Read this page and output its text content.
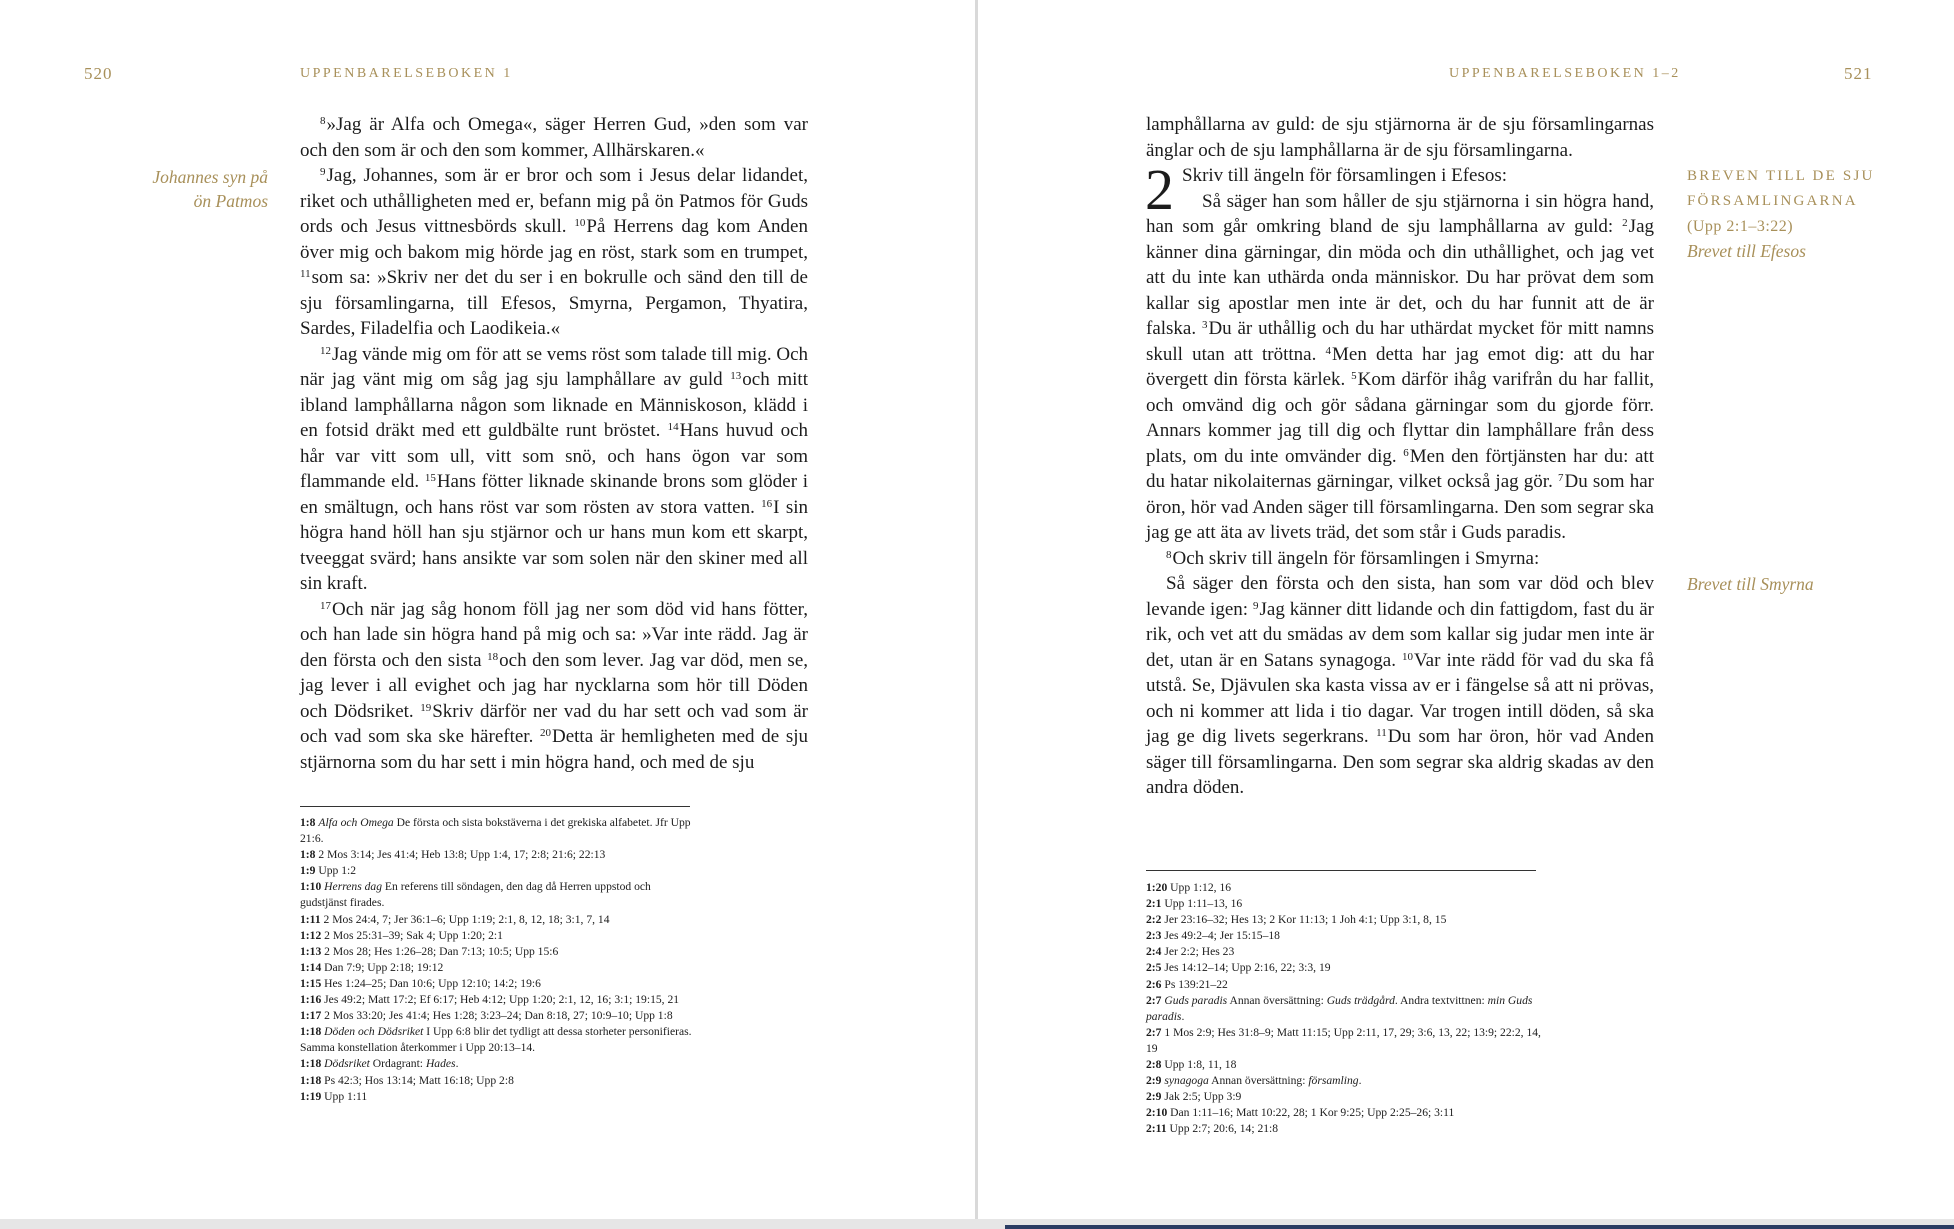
520	UPPENBARELSEBOKEN 1
Johannes syn på ön Patmos

$^8$»Jag är Alfa och Omega«, säger Herren Gud, »den som var och den som är och den som kommer, Allhärskaren.«

$^9$Jag, Johannes, som är er bror och som i Jesus delar lidandet, riket och uthålligheten med er, befann mig på ön Patmos för Guds ords och Jesus vittnesbörds skull. $^{10}$På Herrens dag kom Anden över mig och bakom mig hörde jag en röst, stark som en trumpet, $^{11}$som sa: »Skriv ner det du ser i en bokrulle och sänd den till de sju församlingarna, till Efesos, Smyrna, Pergamon, Thyatira, Sardes, Filadelfia och Laodikeia.«

$^{12}$Jag vände mig om för att se vems röst som talade till mig. Och när jag vänt mig om såg jag sju lamphållare av guld $^{13}$och mitt ibland lamphållarna någon som liknade en Människoson, klädd i en fotsid dräkt med ett guldbälte runt bröstet. $^{14}$Hans huvud och hår var vitt som ull, vitt som snö, och hans ögon var som flammande eld. $^{15}$Hans fötter liknade skinande brons som glöder i en smältugn, och hans röst var som rösten av stora vatten. $^{16}$I sin högra hand höll han sju stjärnor och ur hans mun kom ett skarpt, tveeggat svärd; hans ansikte var som solen när den skiner med all sin kraft.

$^{17}$Och när jag såg honom föll jag ner som död vid hans fötter, och han lade sin högra hand på mig och sa: »Var inte rädd. Jag är den första och den sista $^{18}$och den som lever. Jag var död, men se, jag lever i all evighet och jag har nycklarna som hör till Döden och Dödsriket. $^{19}$Skriv därför ner vad du har sett och vad som är och vad som ska ske härefter. $^{20}$Detta är hemligheten med de sju stjärnorna som du har sett i min högra hand, och med de sju

1:8 Alfa och Omega De första och sista bokstäverna i det grekiska alfabetet. Jfr Upp 21:6.
1:8 2 Mos 3:14; Jes 41:4; Heb 13:8; Upp 1:4, 17; 2:8; 21:6; 22:13
1:9 Upp 1:2
1:10 Herrens dag En referens till söndagen, den dag då Herren uppstod och gudstjänst firades.
1:11 2 Mos 24:4, 7; Jer 36:1–6; Upp 1:19; 2:1, 8, 12, 18; 3:1, 7, 14
1:12 2 Mos 25:31–39; Sak 4; Upp 1:20; 2:1
1:13 2 Mos 28; Hes 1:26–28; Dan 7:13; 10:5; Upp 15:6
1:14 Dan 7:9; Upp 2:18; 19:12
1:15 Hes 1:24–25; Dan 10:6; Upp 12:10; 14:2; 19:6
1:16 Jes 49:2; Matt 17:2; Ef 6:17; Heb 4:12; Upp 1:20; 2:1, 12, 16; 3:1; 19:15, 21
1:17 2 Mos 33:20; Jes 41:4; Hes 1:28; 3:23–24; Dan 8:18, 27; 10:9–10; Upp 1:8
1:18 Döden och Dödsriket I Upp 6:8 blir det tydligt att dessa storheter personifieras. Samma konstellation återkommer i Upp 20:13–14.
1:18 Dödsriket Ordagrant: Hades.
1:18 Ps 42:3; Hos 13:14; Matt 16:18; Upp 2:8
1:19 Upp 1:11
521
UPPENBARELSEBOKEN 1–2
BREVEN TILL DE SJU FÖRSAMLINGARNA
(Upp 2:1–3:22)
Brevet till Efesos
Brevet till Smyrna

lamphållarna av guld: de sju stjärnorna är de sju församlingarnas änglar och de sju lamphållarna är de sju församlingarna.

2 Skriv till ängeln för församlingen i Efesos:

Så säger han som håller de sju stjärnorna i sin högra hand, han som går omkring bland de sju lamphållarna av guld: $^2$Jag känner dina gärningar, din möda och din uthållighet, och jag vet att du inte kan uthärda onda människor. Du har prövat dem som kallar sig apostlar men inte är det, och du har funnit att de är falska. $^3$Du är uthållig och du har uthärdat mycket för mitt namns skull utan att tröttna. $^4$Men detta har jag emot dig: att du har övergett din första kärlek. $^5$Kom därför ihåg varifrån du har fallit, och omvänd dig och gör sådana gärningar som du gjorde förr. Annars kommer jag till dig och flyttar din lamphållare från dess plats, om du inte omvänder dig. $^6$Men den förtjänsten har du: att du hatar nikolaiternas gärningar, vilket också jag gör. $^7$Du som har öron, hör vad Anden säger till församlingarna. Den som segrar ska jag ge att äta av livets träd, det som står i Guds paradis.

$^8$Och skriv till ängeln för församlingen i Smyrna:

Så säger den första och den sista, han som var död och blev levande igen: $^9$Jag känner ditt lidande och din fattigdom, fast du är rik, och vet att du smädas av dem som kallar sig judar men inte är det, utan är en Satans synagoga. $^{10}$Var inte rädd för vad du ska få utstå. Se, Djävulen ska kasta vissa av er i fängelse så att ni prövas, och ni kommer att lida i tio dagar. Var trogen intill döden, så ska jag ge dig livets segerkrans. $^{11}$Du som har öron, hör vad Anden säger till församlingarna. Den som segrar ska aldrig skadas av den andra döden.

1:20 Upp 1:12, 16
2:1 Upp 1:11–13, 16
2:2 Jer 23:16–32; Hes 13; 2 Kor 11:13; 1 Joh 4:1; Upp 3:1, 8, 15
2:3 Jes 49:2–4; Jer 15:15–18
2:4 Jer 2:2; Hes 23
2:5 Jes 14:12–14; Upp 2:16, 22; 3:3, 19
2:6 Ps 139:21–22
2:7 Guds paradis Annan översättning: Guds trädgård. Andra textvittnen: min Guds paradis.
2:7 1 Mos 2:9; Hes 31:8–9; Matt 11:15; Upp 2:11, 17, 29; 3:6, 13, 22; 13:9; 22:2, 14, 19
2:8 Upp 1:8, 11, 18
2:9 synagoga Annan översättning: församling.
2:9 Jak 2:5; Upp 3:9
2:10 Dan 1:11–16; Matt 10:22, 28; 1 Kor 9:25; Upp 2:25–26; 3:11
2:11 Upp 2:7; 20:6, 14; 21:8
